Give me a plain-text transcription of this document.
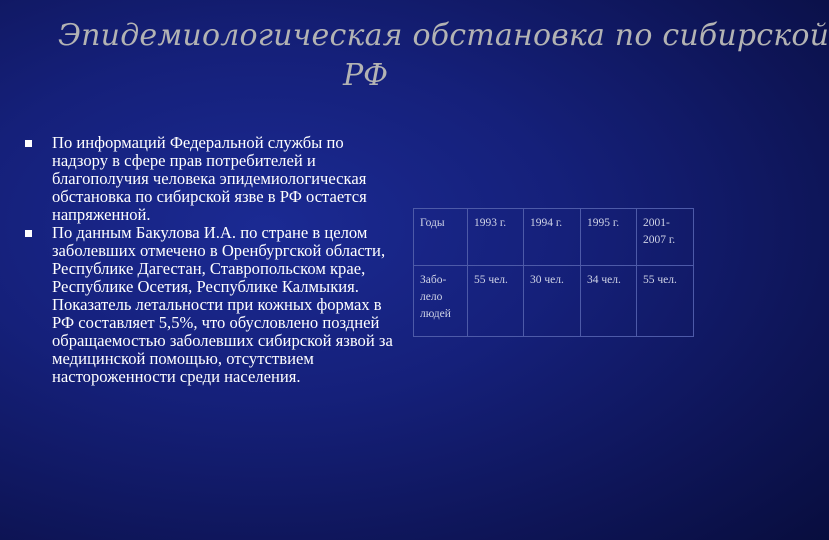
Эпидемиологическая обстановка по сибирской
РФ
По информаций Федеральной службы по надзору в сфере прав потребителей и благополучия человека эпидемиологическая обстановка по сибирской язве в РФ остается напряженной.
По данным Бакулова И.А. по стране в целом заболевших отмечено в Оренбургской области, Республике Дагестан, Ставропольском крае, Республике Осетия, Республике Калмыкия. Показатель летальности при кожных формах в РФ составляет 5,5%, что обусловлено поздней обращаемостью заболевших сибирской язвой за медицинской помощью, отсутствием настороженности среди населения.
Годы	1993 г.	1994 г.	1995 г.	2001-2007 г.
Забо-лело людей	55 чел.	30 чел.	34 чел.	55 чел.
